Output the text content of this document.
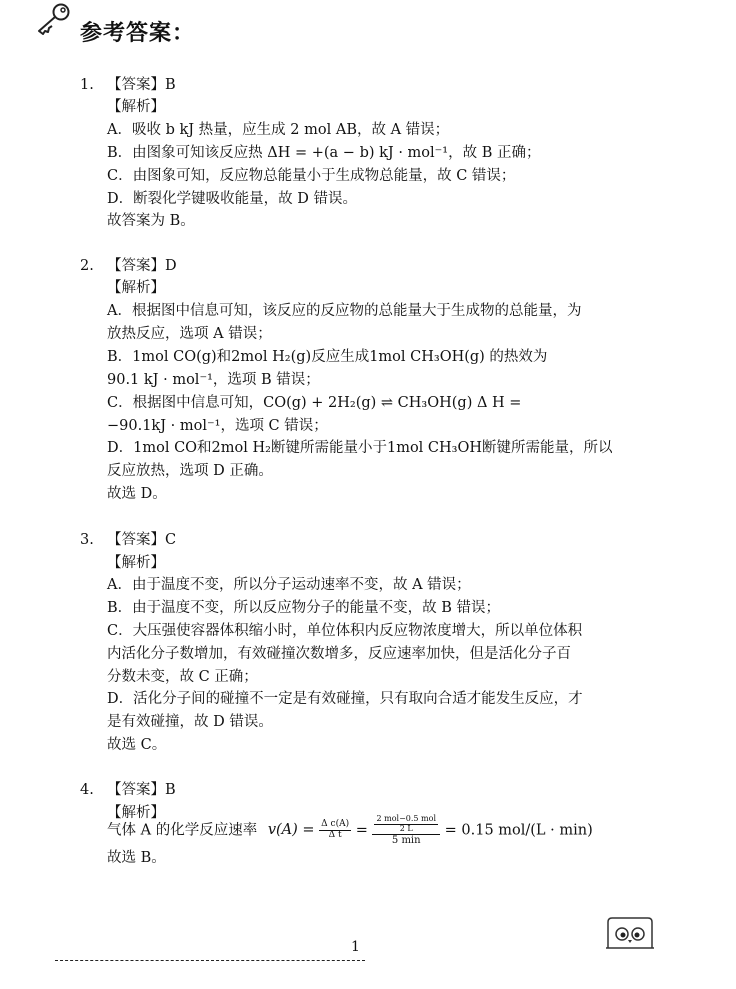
参考答案：
1. 【答案】B
【解析】
A．吸收 b kJ 热量，应生成 2 mol AB，故 A 错误；
B．由图象可知该反应热 ΔH = +(a − b) kJ · mol⁻¹，故 B 正确；
C．由图象可知，反应物总能量小于生成物总能量，故 C 错误；
D．断裂化学键吸收能量，故 D 错误。
故答案为 B。
2. 【答案】D
【解析】
A．根据图中信息可知，该反应的反应物的总能量大于生成物的总能量，为
放热反应，选项 A 错误；
B．1mol CO(g)和2mol H₂(g)反应生成1mol CH₃OH(g) 的热效为
90.1 kJ · mol⁻¹，选项 B 错误；
C．根据图中信息可知，CO(g) + 2H₂(g) ⇌ CH₃OH(g) Δ H =
−90.1kJ · mol⁻¹，选项 C 错误；
D．1mol CO和2mol H₂断键所需能量小于1mol CH₃OH断键所需能量，所以
反应放热，选项 D 正确。
故选 D。
3. 【答案】C
【解析】
A．由于温度不变，所以分子运动速率不变，故 A 错误；
B．由于温度不变，所以反应物分子的能量不变，故 B 错误；
C．大压强使容器体积缩小时，单位体积内反应物浓度增大，所以单位体积
内活化分子数增加，有效碰撞次数增多，反应速率加快，但是活化分子百
分数未变，故 C 正确；
D．活化分子间的碰撞不一定是有效碰撞，只有取向合适才能发生反应，才
是有效碰撞，故 D 错误。
故选 C。
4. 【答案】B
【解析】
气体 A 的化学反应速率 $v(A) = \frac{\text{Δ c(A)}}{\text{Δ t}} = \frac{\frac{\text{2 mol−0.5 mol}}{2 L}}{5 \min} = 0.15$ mol/(L · min)
故选 B。
1
